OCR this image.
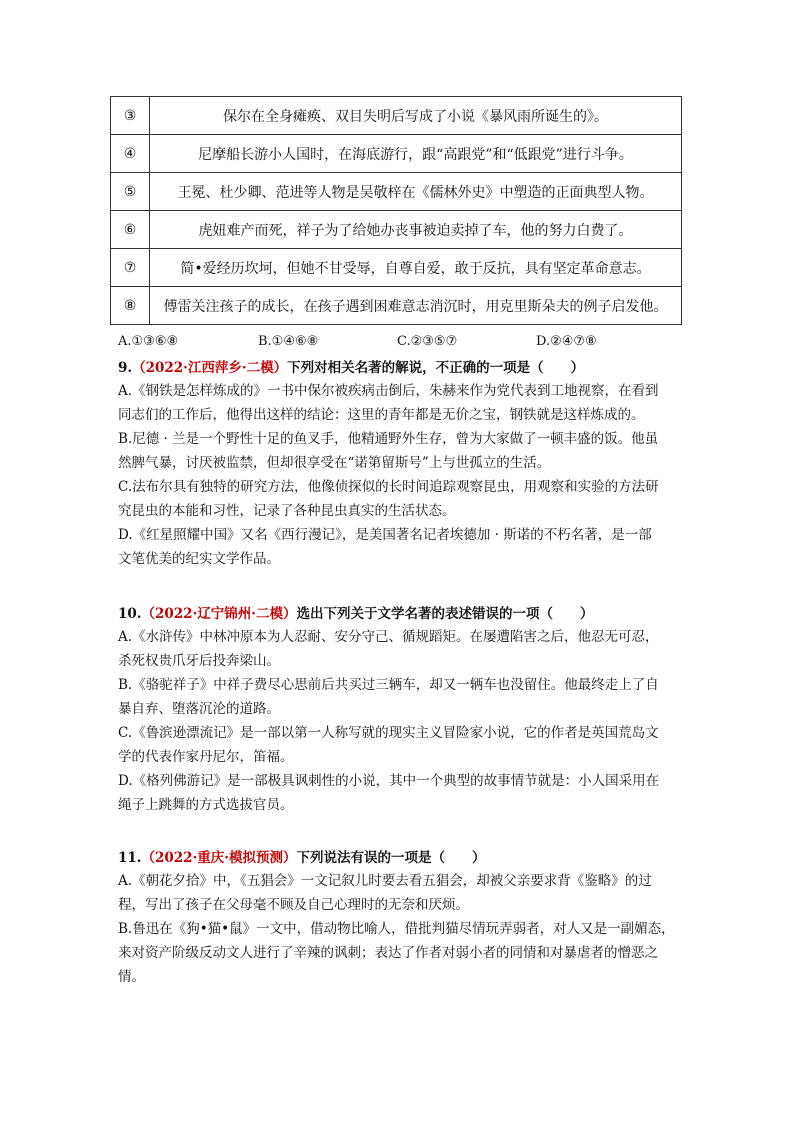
③	保尔在全身瘫痪、双目失明后写成了小说《暴风雨所诞生的》。
④	尼摩船长游小人国时，在海底游行，跟“高跟党”和“低跟党”进行斗争。
⑤	王冕、杜少卿、范进等人物是吴敬梓在《儒林外史》中塑造的正面典型人物。
⑥	虎妞难产而死，祥子为了给她办丧事被迫卖掉了车，他的努力白费了。
⑦	简•爱经历坎坷，但她不甘受辱，自尊自爱，敢于反抗，具有坚定革命意志。
⑧	傅雷关注孩子的成长，在孩子遇到困难意志消沉时，用克里斯朵夫的例子启发他。
A.①③⑥⑧	B.①④⑥⑧	C.②③⑤⑦	D.②④⑦⑧
9.（2022·江西萍乡·二模）下列对相关名著的解说，不正确的一项是（　　）
A.《钢铁是怎样炼成的》一书中保尔被疾病击倒后，朱赫来作为党代表到工地视察，在看到
同志们的工作后，他得出这样的结论：这里的青年都是无价之宝，钢铁就是这样炼成的。
B.尼德 · 兰是一个野性十足的鱼叉手，他精通野外生存，曾为大家做了一顿丰盛的饭。他虽
然脾气暴，讨厌被监禁，但却很享受在“诺第留斯号”上与世孤立的生活。
C.法布尔具有独特的研究方法，他像侦探似的长时间追踪观察昆虫，用观察和实验的方法研
究昆虫的本能和习性，记录了各种昆虫真实的生活状态。
D.《红星照耀中国》又名《西行漫记》，是美国著名记者埃德加 · 斯诺的不朽名著，是一部
文笔优美的纪实文学作品。
10.（2022·辽宁锦州·二模）选出下列关于文学名著的表述错误的一项（　　）
A.《水浒传》中林冲原本为人忍耐、安分守己、循规蹈矩。在屡遭陷害之后，他忍无可忍，
杀死权贵爪牙后投奔梁山。
B.《骆驼祥子》中祥子费尽心思前后共买过三辆车，却又一辆车也没留住。他最终走上了自
暴自弃、堕落沉沦的道路。
C.《鲁滨逊漂流记》是一部以第一人称写就的现实主义冒险家小说，它的作者是英国荒岛文
学的代表作家丹尼尔，笛福。
D.《格列佛游记》是一部极具讽刺性的小说，其中一个典型的故事情节就是：小人国采用在
绳子上跳舞的方式选拔官员。
11.（2022·重庆·模拟预测）下列说法有误的一项是（　　）
A.《朝花夕拾》中，《五猖会》一文记叙儿时要去看五猖会，却被父亲要求背《鉴略》的过
程，写出了孩子在父母毫不顾及自己心理时的无奈和厌烦。
B.鲁迅在《狗•猫•鼠》一文中，借动物比喻人，借批判猫尽情玩弄弱者，对人又是一副媚态，
来对资产阶级反动文人进行了辛辣的讽刺；表达了作者对弱小者的同情和对暴虐者的憎恶之
情。
